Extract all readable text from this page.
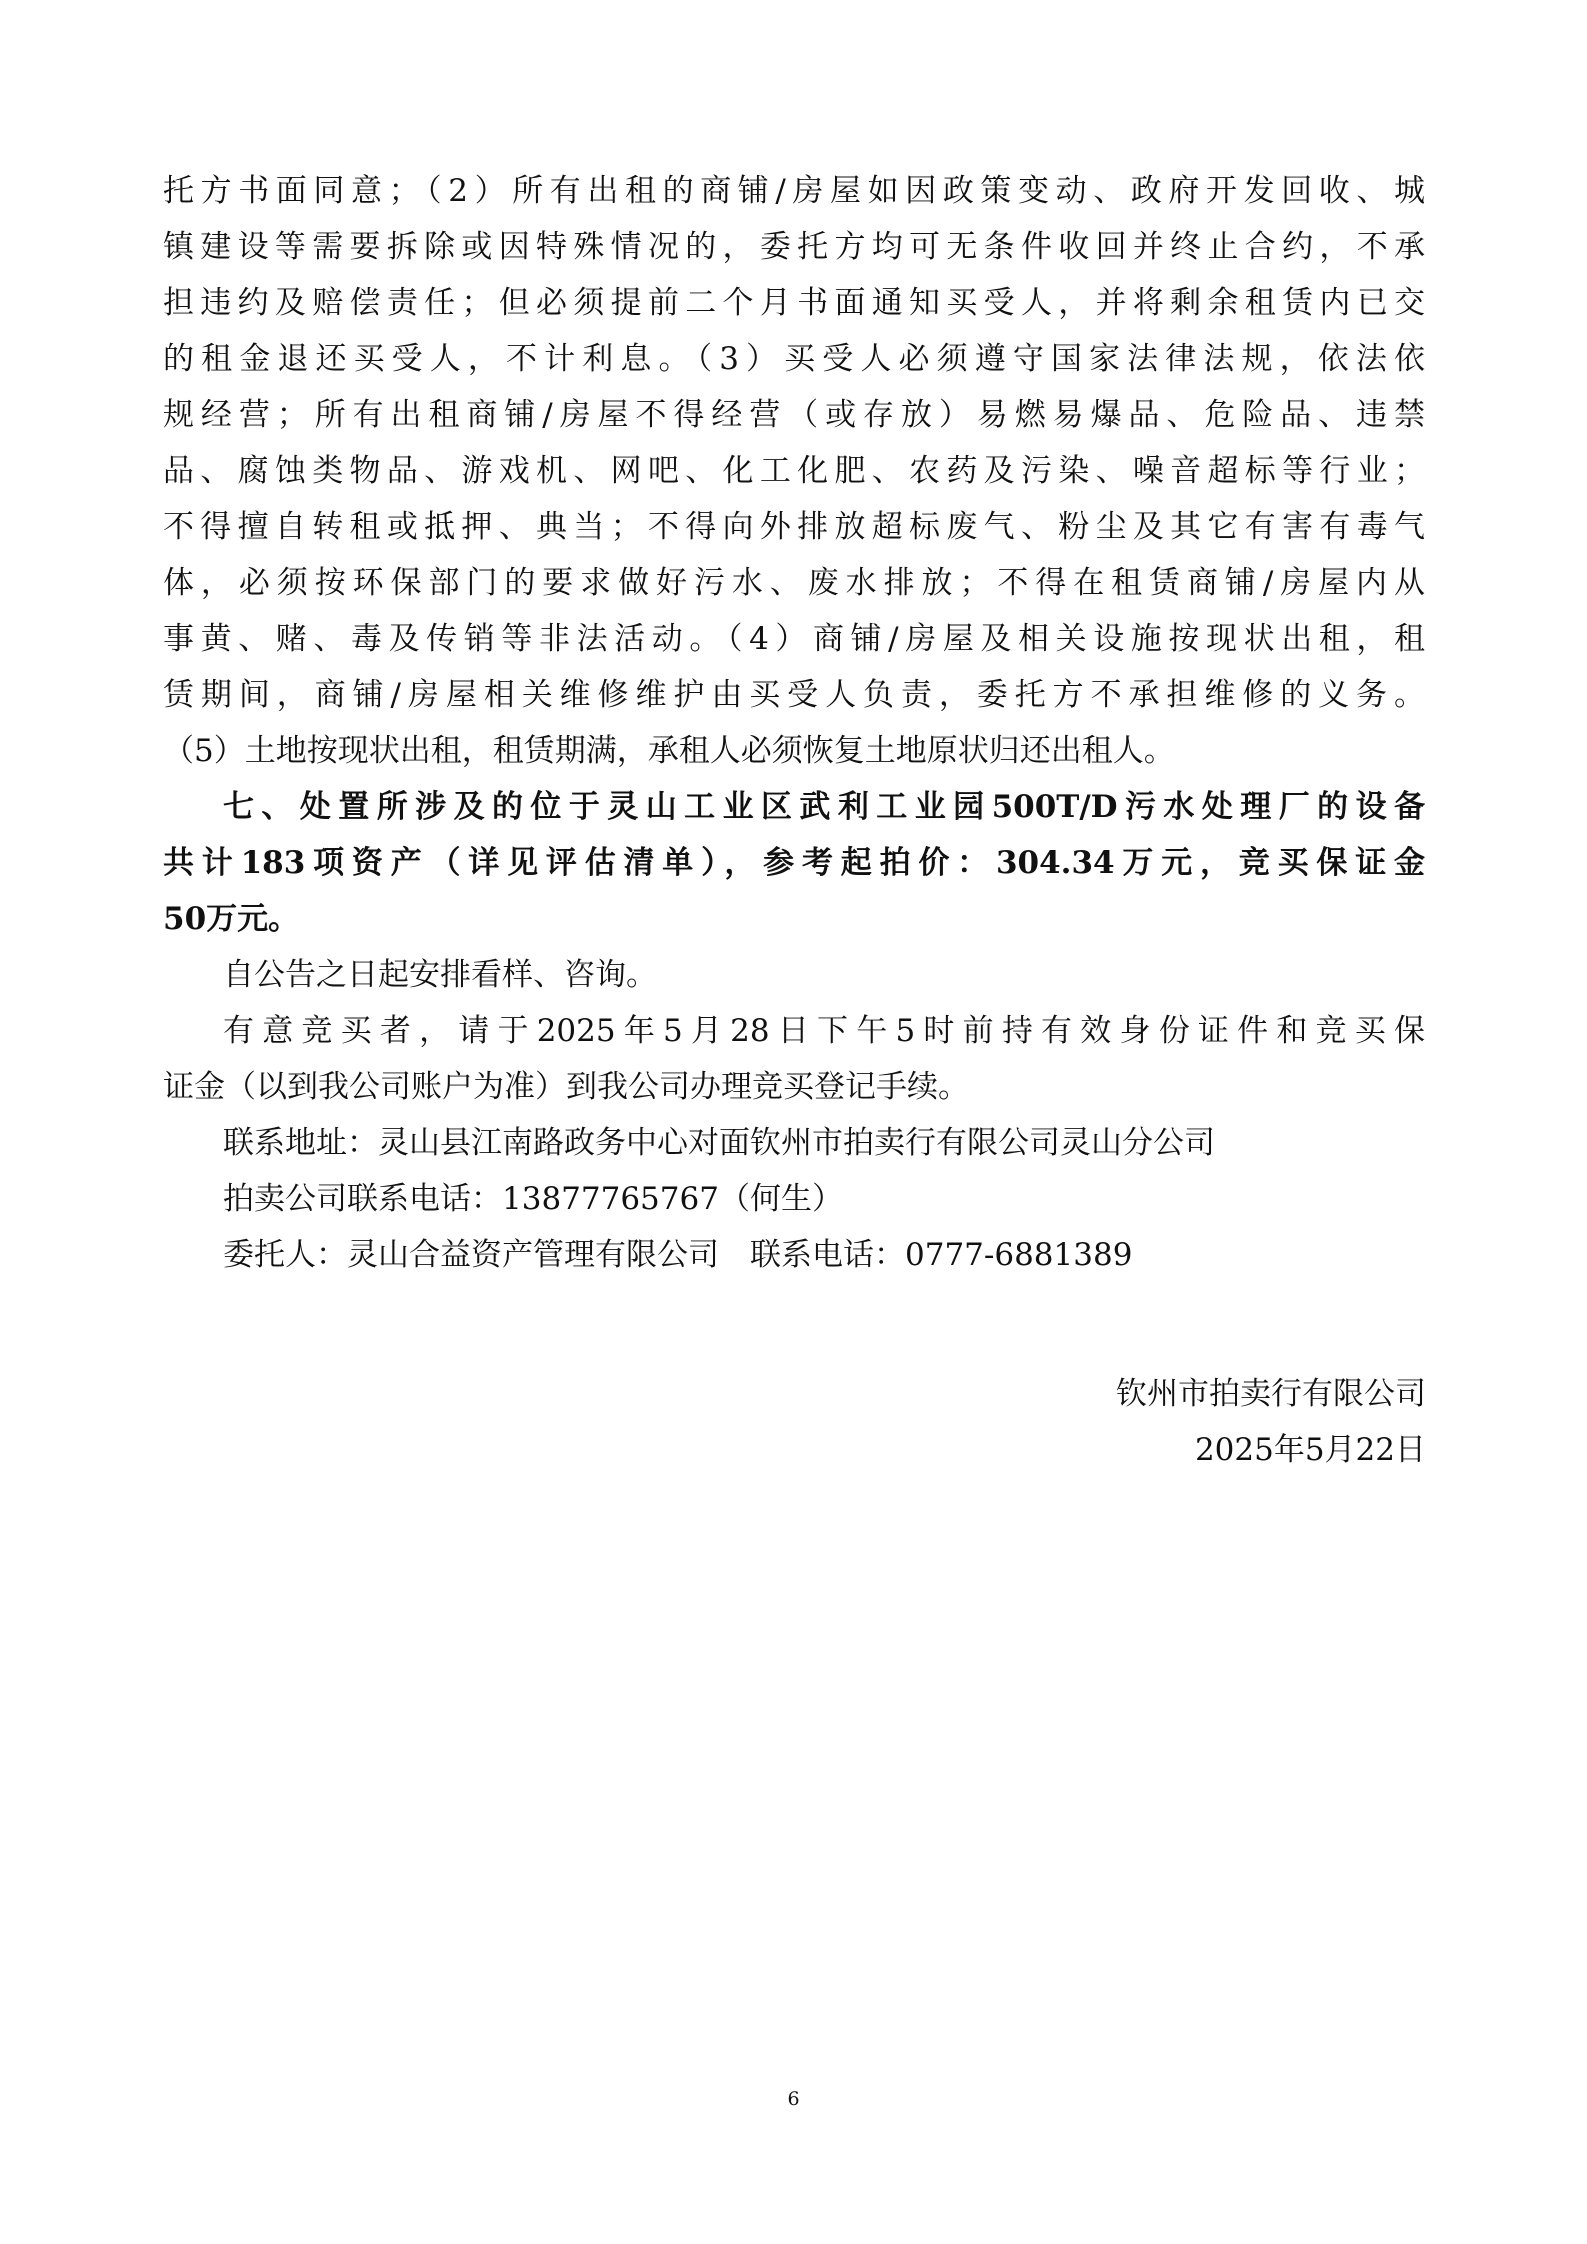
托方书面同意；（2）所有出租的商铺/房屋如因政策变动、政府开发回收、城
镇建设等需要拆除或因特殊情况的，委托方均可无条件收回并终止合约，不承
担违约及赔偿责任；但必须提前二个月书面通知买受人，并将剩余租赁内已交
的租金退还买受人，不计利息。（3）买受人必须遵守国家法律法规，依法依
规经营；所有出租商铺/房屋不得经营（或存放）易燃易爆品、危险品、违禁
品、腐蚀类物品、游戏机、网吧、化工化肥、农药及污染、噪音超标等行业；
不得擅自转租或抵押、典当；不得向外排放超标废气、粉尘及其它有害有毒气
体，必须按环保部门的要求做好污水、废水排放；不得在租赁商铺/房屋内从
事黄、赌、毒及传销等非法活动。（4）商铺/房屋及相关设施按现状出租，租
赁期间，商铺/房屋相关维修维护由买受人负责，委托方不承担维修的义务。
（5）土地按现状出租，租赁期满，承租人必须恢复土地原状归还出租人。
七、处置所涉及的位于灵山工业区武利工业园500T/D污水处理厂的设备
共计183项资产（详见评估清单），参考起拍价：304.34万元，竞买保证金
50万元。
自公告之日起安排看样、咨询。
有意竞买者，请于2025年5月28日下午5时前持有效身份证件和竞买保
证金（以到我公司账户为准）到我公司办理竞买登记手续。
联系地址：灵山县江南路政务中心对面钦州市拍卖行有限公司灵山分公司
拍卖公司联系电话：13877765767（何生）
委托人：灵山合益资产管理有限公司　联系电话：0777-6881389
钦州市拍卖行有限公司
2025年5月22日
6
